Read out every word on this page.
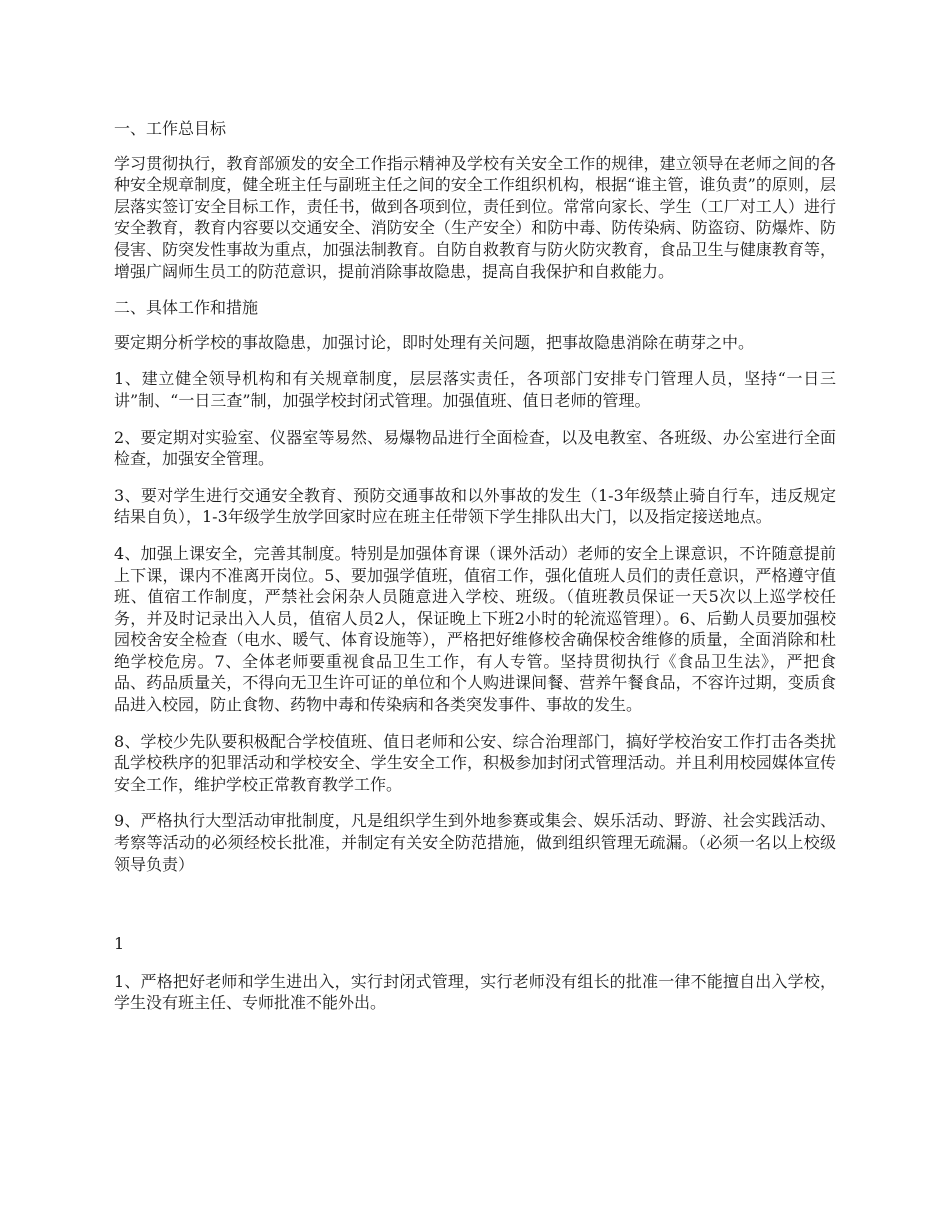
一、工作总目标

学习贯彻执行，教育部颁发的安全工作指示精神及学校有关安全工作的规律，建立领导在老师之间的各种安全规章制度，健全班主任与副班主任之间的安全工作组织机构，根据“谁主管，谁负责”的原则，层层落实签订安全目标工作，责任书，做到各项到位，责任到位。常常向家长、学生（工厂对工人）进行安全教育，教育内容要以交通安全、消防安全（生产安全）和防中毒、防传染病、防盗窃、防爆炸、防侵害、防突发性事故为重点，加强法制教育。自防自救教育与防火防灾教育，食品卫生与健康教育等，增强广阔师生员工的防范意识，提前消除事故隐患，提高自我保护和自救能力。

二、具体工作和措施

要定期分析学校的事故隐患，加强讨论，即时处理有关问题，把事故隐患消除在萌芽之中。

1、建立健全领导机构和有关规章制度，层层落实责任，各项部门安排专门管理人员，坚持“一日三讲”制、“一日三查”制，加强学校封闭式管理。加强值班、值日老师的管理。

2、要定期对实验室、仪器室等易然、易爆物品进行全面检查，以及电教室、各班级、办公室进行全面检查，加强安全管理。

3、要对学生进行交通安全教育、预防交通事故和以外事故的发生（1-3年级禁止骑自行车，违反规定结果自负），1-3年级学生放学回家时应在班主任带领下学生排队出大门，以及指定接送地点。

4、加强上课安全，完善其制度。特别是加强体育课（课外活动）老师的安全上课意识，不许随意提前上下课，课内不准离开岗位。5、要加强学值班，值宿工作，强化值班人员们的责任意识，严格遵守值班、值宿工作制度，严禁社会闲杂人员随意进入学校、班级。（值班教员保证一天5次以上巡学校任务，并及时记录出入人员，值宿人员2人，保证晚上下班2小时的轮流巡管理）。6、后勤人员要加强校园校舍安全检查（电水、暖气、体育设施等），严格把好维修校舍确保校舍维修的质量，全面消除和杜绝学校危房。7、全体老师要重视食品卫生工作，有人专管。坚持贯彻执行《食品卫生法》，严把食品、药品质量关，不得向无卫生许可证的单位和个人购进课间餐、营养午餐食品，不容许过期，变质食品进入校园，防止食物、药物中毒和传染病和各类突发事件、事故的发生。

8、学校少先队要积极配合学校值班、值日老师和公安、综合治理部门，搞好学校治安工作打击各类扰乱学校秩序的犯罪活动和学校安全、学生安全工作，积极参加封闭式管理活动。并且利用校园媒体宣传安全工作，维护学校正常教育教学工作。

9、严格执行大型活动审批制度，凡是组织学生到外地参赛或集会、娱乐活动、野游、社会实践活动、考察等活动的必须经校长批准，并制定有关安全防范措施，做到组织管理无疏漏。（必须一名以上校级领导负责）

1

1、严格把好老师和学生进出入，实行封闭式管理，实行老师没有组长的批准一律不能擅自出入学校，学生没有班主任、专师批准不能外出。
